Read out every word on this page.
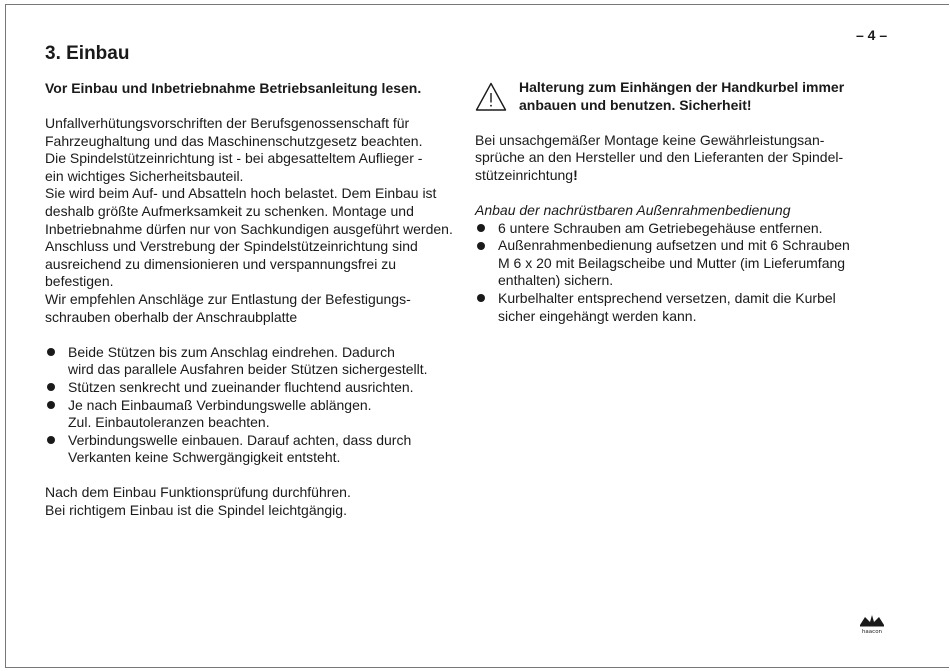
– 4 –
3. Einbau

Vor Einbau und Inbetriebnahme Betriebsanleitung lesen.

Unfallverhütungsvorschriften der Berufsgenossenschaft für
Fahrzeughaltung und das Maschinenschutzgesetz beachten.
Die Spindelstützeinrichtung ist - bei abgesatteltem Auflieger -
ein wichtiges Sicherheitsbauteil.
Sie wird beim Auf- und Absatteln hoch belastet. Dem Einbau ist
deshalb größte Aufmerksamkeit zu schenken. Montage und
Inbetriebnahme dürfen nur von Sachkundigen ausgeführt werden.
Anschluss und Verstrebung der Spindelstützeinrichtung sind
ausreichend zu dimensionieren und verspannungsfrei zu
befestigen.
Wir empfehlen Anschläge zur Entlastung der Befestigungs-
schrauben oberhalb der Anschraubplatte
Beide Stützen bis zum Anschlag eindrehen. Dadurch
wird das parallele Ausfahren beider Stützen sichergestellt.
Stützen senkrecht und zueinander fluchtend ausrichten.
Je nach Einbaumaß Verbindungswelle ablängen.
Zul. Einbautoleranzen beachten.
Verbindungswelle einbauen. Darauf achten, dass durch
Verkanten keine Schwergängigkeit entsteht.
Nach dem Einbau Funktionsprüfung durchführen.
Bei richtigem Einbau ist die Spindel leichtgängig.
Halterung zum Einhängen der Handkurbel immer
anbauen und benutzen. Sicherheit!
Bei unsachgemäßer Montage keine Gewährleistungsan-
sprüche an den Hersteller und den Lieferanten der Spindel-
stützeinrichtung!

Anbau der nachrüstbaren Außenrahmenbedienung

6 untere Schrauben am Getriebegehäuse entfernen.
Außenrahmenbedienung aufsetzen und mit 6 Schrauben
M 6 x 20 mit Beilagscheibe und Mutter (im Lieferumfang
enthalten) sichern.
Kurbelhalter entsprechend versetzen, damit die Kurbel
sicher eingehängt werden kann.
haacon
